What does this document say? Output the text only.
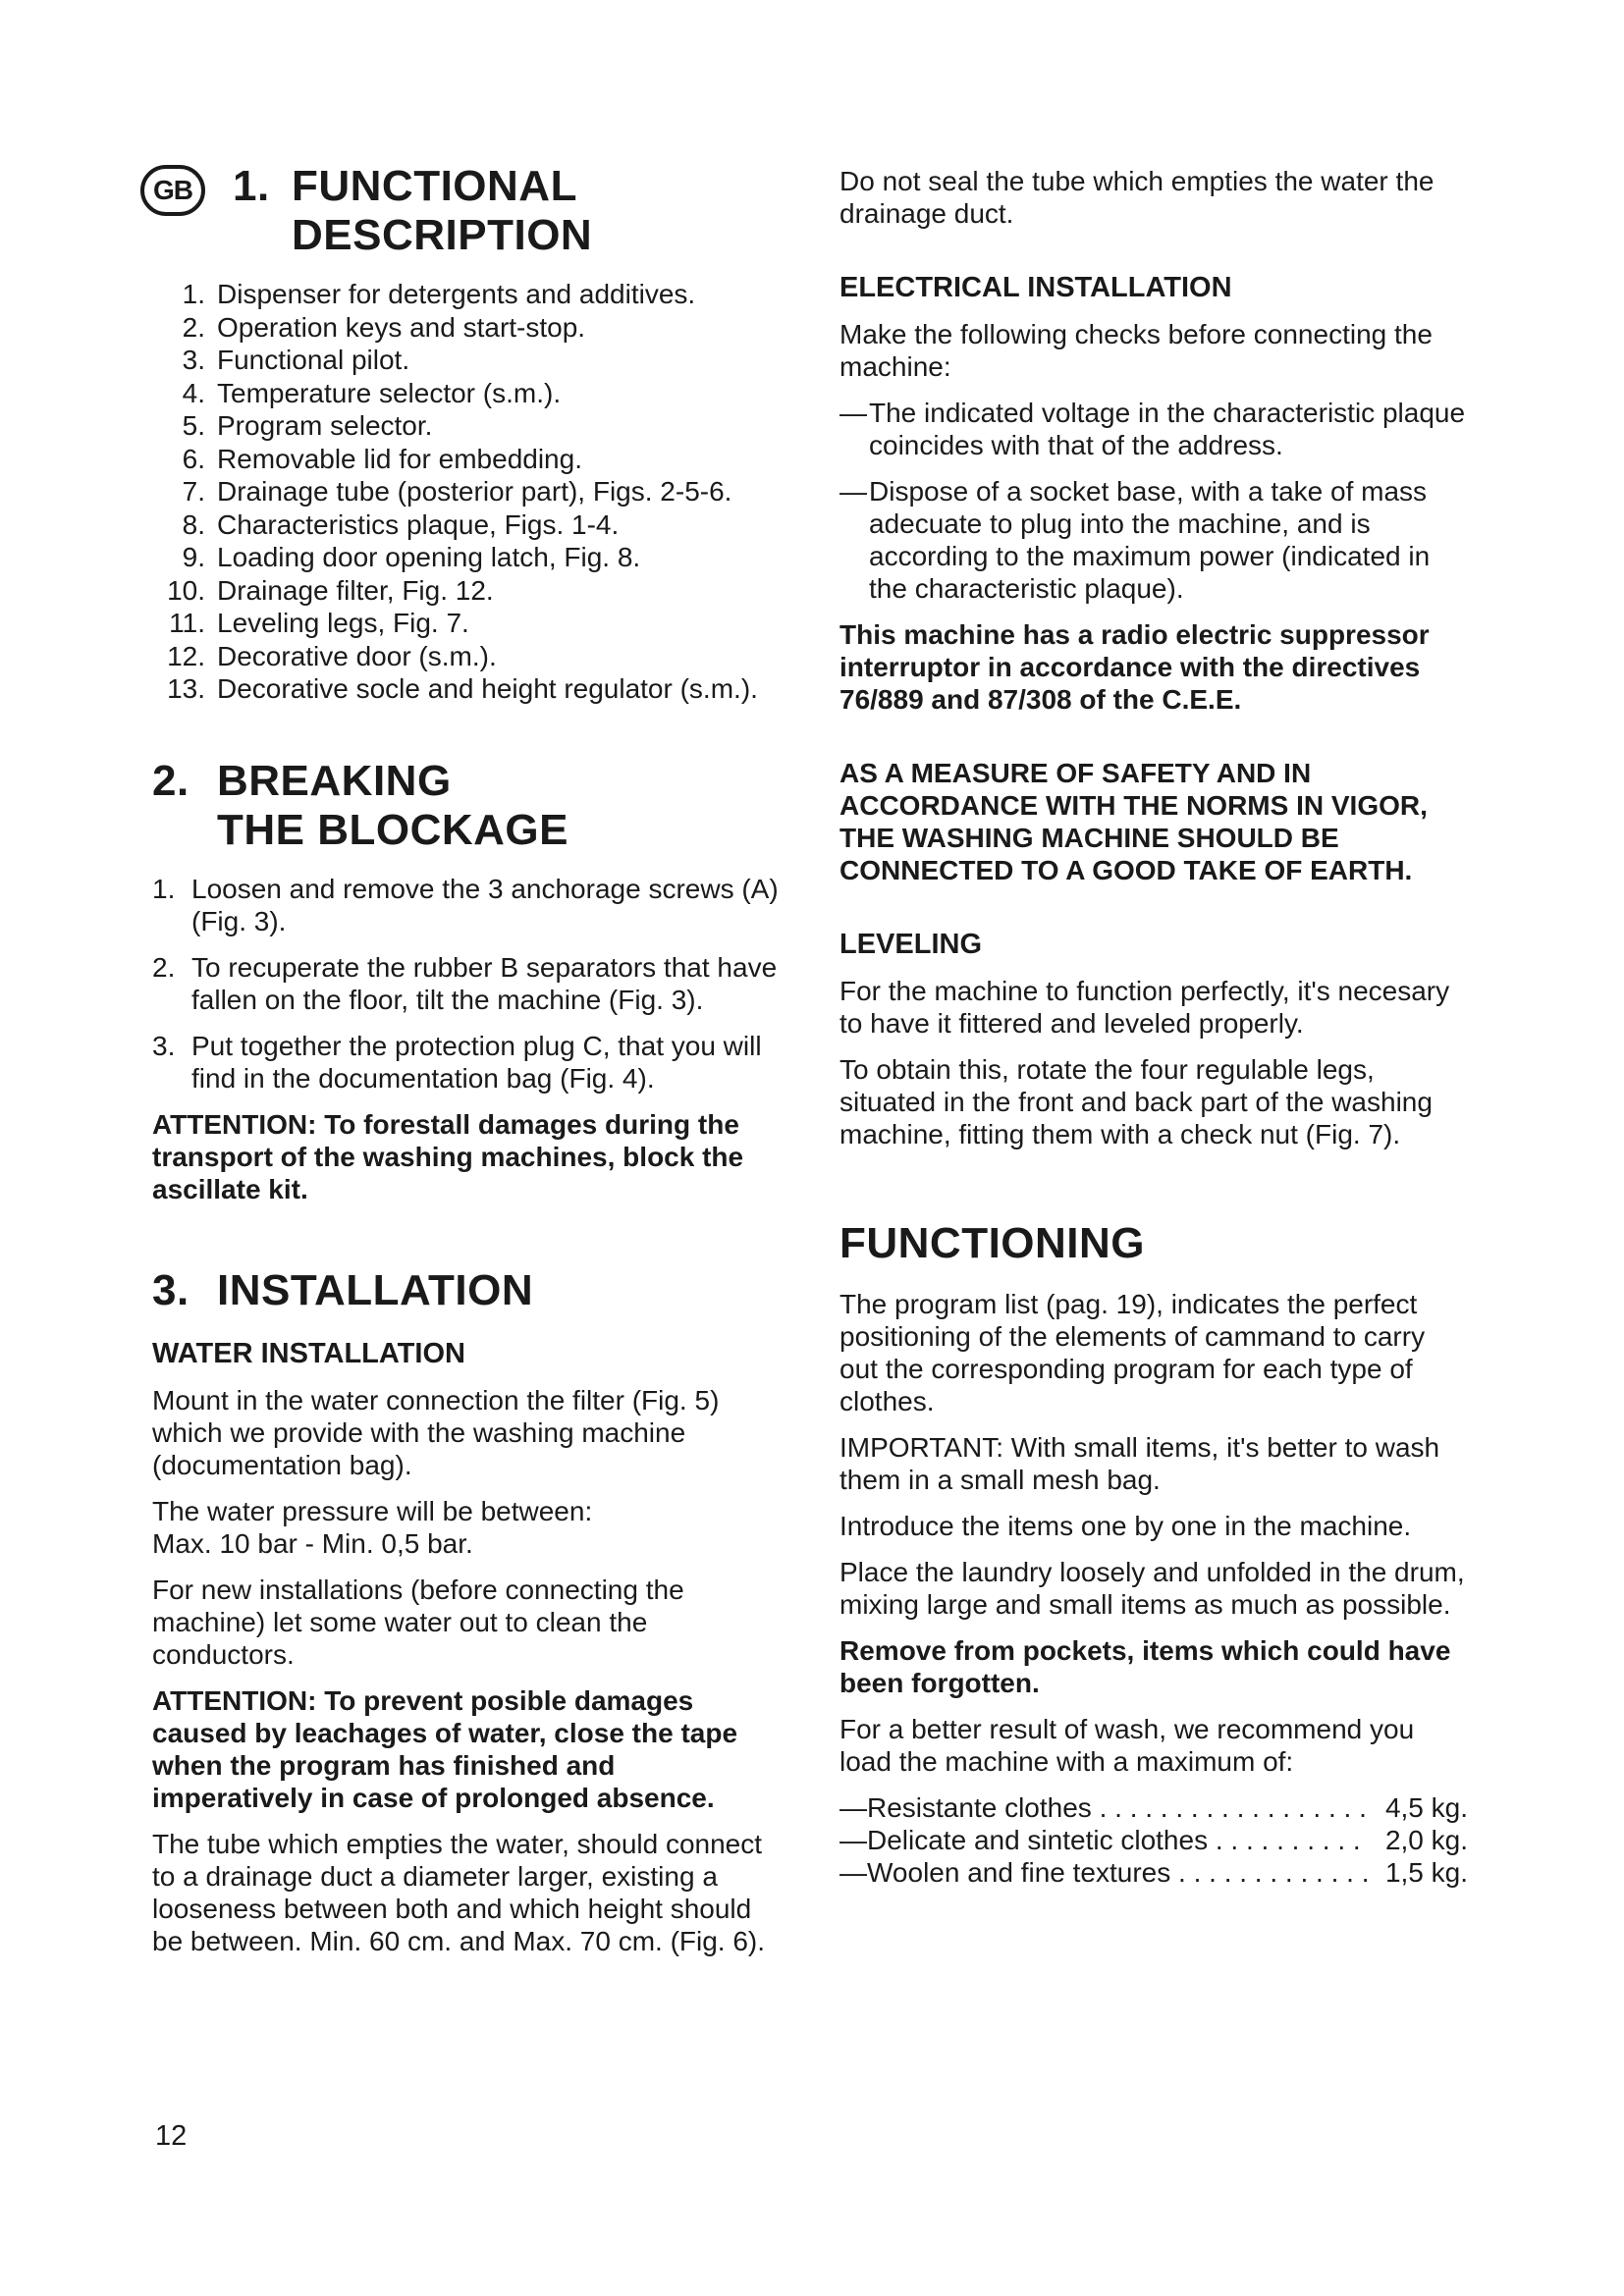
GB 1. FUNCTIONAL
DESCRIPTION
1. Dispenser for detergents and additives.
2. Operation keys and start-stop.
3. Functional pilot.
4. Temperature selector (s.m.).
5. Program selector.
6. Removable lid for embedding.
7. Drainage tube (posterior part), Figs. 2-5-6.
8. Characteristics plaque, Figs. 1-4.
9. Loading door opening latch, Fig. 8.
10. Drainage filter, Fig. 12.
11. Leveling legs, Fig. 7.
12. Decorative door (s.m.).
13. Decorative socle and height regulator (s.m.).
2. BREAKING
THE BLOCKAGE
1. Loosen and remove the 3 anchorage screws (A) (Fig. 3).
2. To recuperate the rubber B separators that have fallen on the floor, tilt the machine (Fig. 3).
3. Put together the protection plug C, that you will find in the documentation bag (Fig. 4).

ATTENTION: To forestall damages during the transport of the washing machines, block the ascillate kit.

3. INSTALLATION
WATER INSTALLATION

Mount in the water connection the filter (Fig. 5) which we provide with the washing machine (documentation bag).

The water pressure will be between:

Max. 10 bar - Min. 0,5 bar.

For new installations (before connecting the machine) let some water out to clean the conductors.

ATTENTION: To prevent posible damages caused by leachages of water, close the tape when the program has finished and imperatively in case of prolonged absence.

The tube which empties the water, should connect to a drainage duct a diameter larger, existing a looseness between both and which height should be between. Min. 60 cm. and Max. 70 cm. (Fig. 6).

12

Do not seal the tube which empties the water the drainage duct.

ELECTRICAL INSTALLATION

Make the following checks before connecting the machine:

— The indicated voltage in the characteristic plaque coincides with that of the address.
— Dispose of a socket base, with a take of mass adecuate to plug into the machine, and is according to the maximum power (indicated in the characteristic plaque).

This machine has a radio electric suppressor interruptor in accordance with the directives 76/889 and 87/308 of the C.E.E.

AS A MEASURE OF SAFETY AND IN ACCORDANCE WITH THE NORMS IN VIGOR, THE WASHING MACHINE SHOULD BE CONNECTED TO A GOOD TAKE OF EARTH.

LEVELING

For the machine to function perfectly, it's necesary to have it fittered and leveled properly.

To obtain this, rotate the four regulable legs, situated in the front and back part of the washing machine, fitting them with a check nut (Fig. 7).

FUNCTIONING

The program list (pag. 19), indicates the perfect positioning of the elements of cammand to carry out the corresponding program for each type of clothes.

IMPORTANT: With small items, it's better to wash them in a small mesh bag.

Introduce the items one by one in the machine.

Place the laundry loosely and unfolded in the drum, mixing large and small items as much as possible.

Remove from pockets, items which could have been forgotten.

For a better result of wash, we recommend you load the machine with a maximum of:

—Resistante clothes . . .	4,5 kg.
—Delicate and sintetic clothes . . .	2,0 kg.
—Woolen and fine textures . . .	1,5 kg.
